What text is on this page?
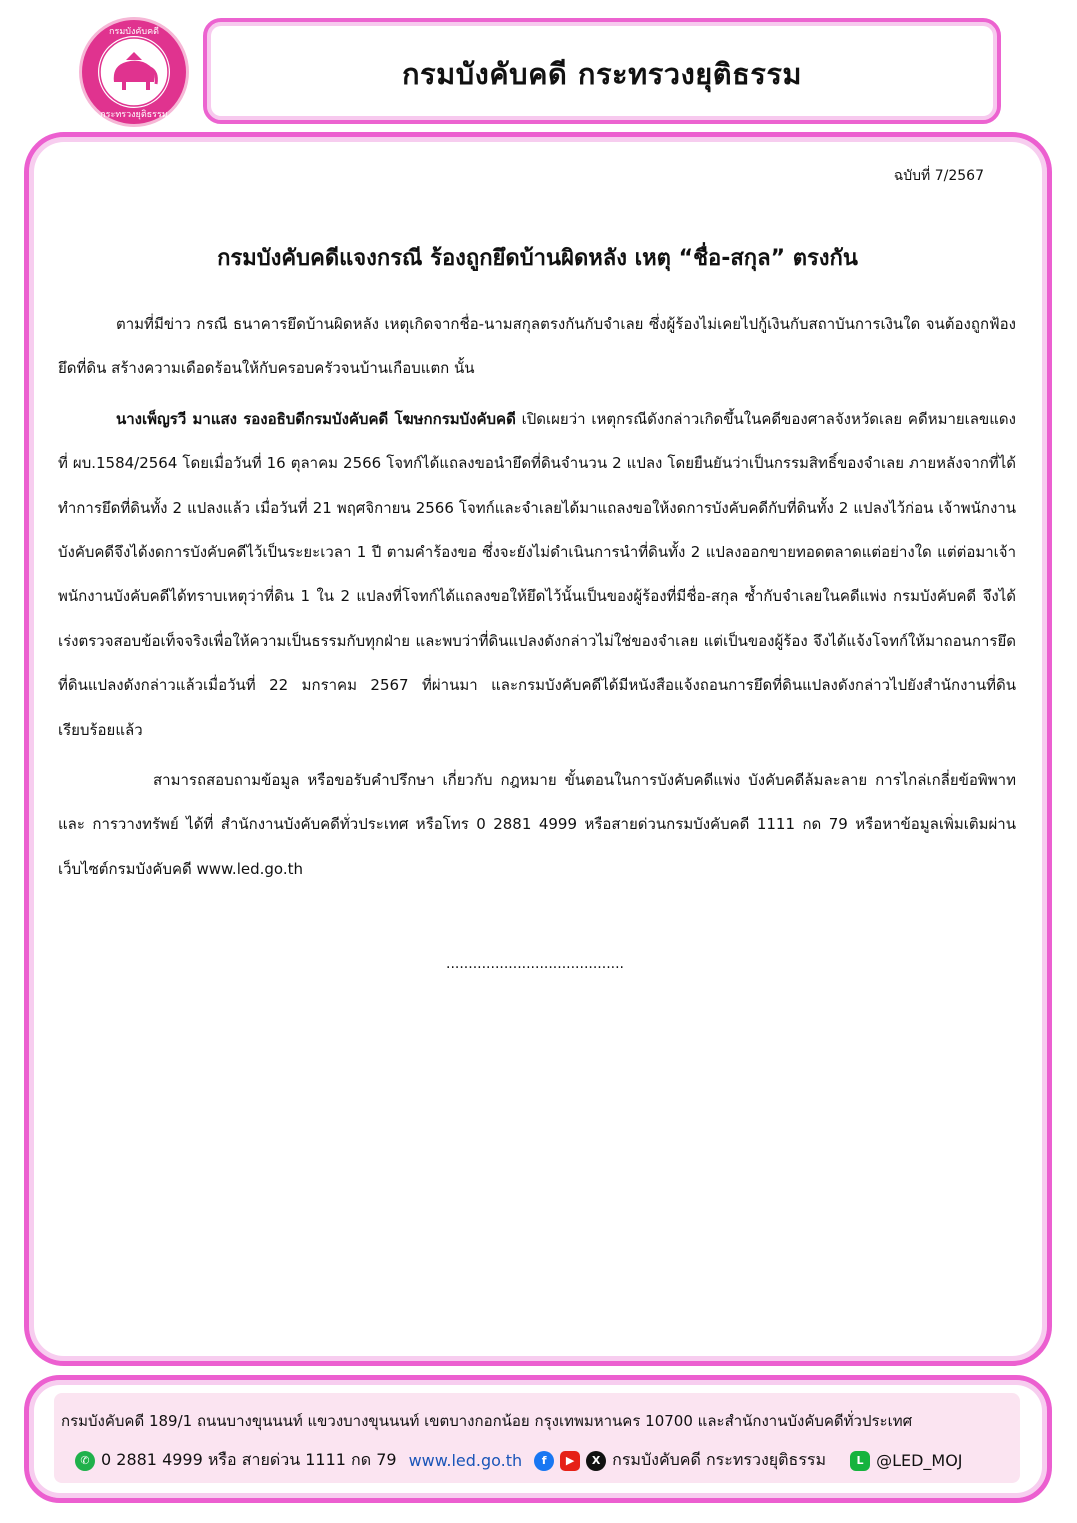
กรมบังคับคดี
กระทรวงยุติธรรม
กรมบังคับคดี กระทรวงยุติธรรม
ฉบับที่ 7/2567
กรมบังคับคดีแจงกรณี ร้องถูกยึดบ้านผิดหลัง เหตุ “ชื่อ-สกุล” ตรงกัน

ตามที่มีข่าว กรณี ธนาคารยึดบ้านผิดหลัง เหตุเกิดจากชื่อ-นามสกุลตรงกันกับจำเลย ซึ่งผู้ร้องไม่เคยไปกู้เงินกับสถาบันการเงินใด จนต้องถูกฟ้องยึดที่ดิน สร้างความเดือดร้อนให้กับครอบครัวจนบ้านเกือบแตก นั้น

นางเพ็ญรวี มาแสง รองอธิบดีกรมบังคับคดี โฆษกกรมบังคับคดี เปิดเผยว่า เหตุกรณีดังกล่าวเกิดขึ้นในคดีของศาลจังหวัดเลย คดีหมายเลขแดงที่ ผบ.1584/2564 โดยเมื่อวันที่ 16 ตุลาคม 2566 โจทก์ได้แถลงขอนำยึดที่ดินจำนวน 2 แปลง โดยยืนยันว่าเป็นกรรมสิทธิ์ของจำเลย ภายหลังจากที่ได้ทำการยึดที่ดินทั้ง 2 แปลงแล้ว เมื่อวันที่ 21 พฤศจิกายน 2566 โจทก์และจำเลยได้มาแถลงขอให้งดการบังคับคดีกับที่ดินทั้ง 2 แปลงไว้ก่อน เจ้าพนักงานบังคับคดีจึงได้งดการบังคับคดีไว้เป็นระยะเวลา 1 ปี ตามคำร้องขอ ซึ่งจะยังไม่ดำเนินการนำที่ดินทั้ง 2 แปลงออกขายทอดตลาดแต่อย่างใด แต่ต่อมาเจ้าพนักงานบังคับคดีได้ทราบเหตุว่าที่ดิน 1 ใน 2 แปลงที่โจทก์ได้แถลงขอให้ยึดไว้นั้นเป็นของผู้ร้องที่มีชื่อ-สกุล ซ้ำกับจำเลยในคดีแพ่ง กรมบังคับคดี จึงได้เร่งตรวจสอบข้อเท็จจริงเพื่อให้ความเป็นธรรมกับทุกฝ่าย และพบว่าที่ดินแปลงดังกล่าวไม่ใช่ของจำเลย แต่เป็นของผู้ร้อง จึงได้แจ้งโจทก์ให้มาถอนการยึดที่ดินแปลงดังกล่าวแล้วเมื่อวันที่ 22 มกราคม 2567 ที่ผ่านมา และกรมบังคับคดีได้มีหนังสือแจ้งถอนการยึดที่ดินแปลงดังกล่าวไปยังสำนักงานที่ดินเรียบร้อยแล้ว

สามารถสอบถามข้อมูล หรือขอรับคำปรึกษา เกี่ยวกับ กฎหมาย ขั้นตอนในการบังคับคดีแพ่ง บังคับคดีล้มละลาย การไกล่เกลี่ยข้อพิพาท และ การวางทรัพย์ ได้ที่ สำนักงานบังคับคดีทั่วประเทศ หรือโทร 0 2881 4999 หรือสายด่วนกรมบังคับคดี 1111 กด 79 หรือหาข้อมูลเพิ่มเติมผ่านเว็บไซต์กรมบังคับคดี www.led.go.th

........................................
กรมบังคับคดี 189/1 ถนนบางขุนนนท์ แขวงบางขุนนนท์ เขตบางกอกน้อย กรุงเทพมหานคร 10700 และสำนักงานบังคับคดีทั่วประเทศ
✆ 0 2881 4999 หรือ สายด่วน 1111 กด 79 www.led.go.th	f	▶	X กรมบังคับคดี กระทรวงยุติธรรม	L @LED_MOJ
